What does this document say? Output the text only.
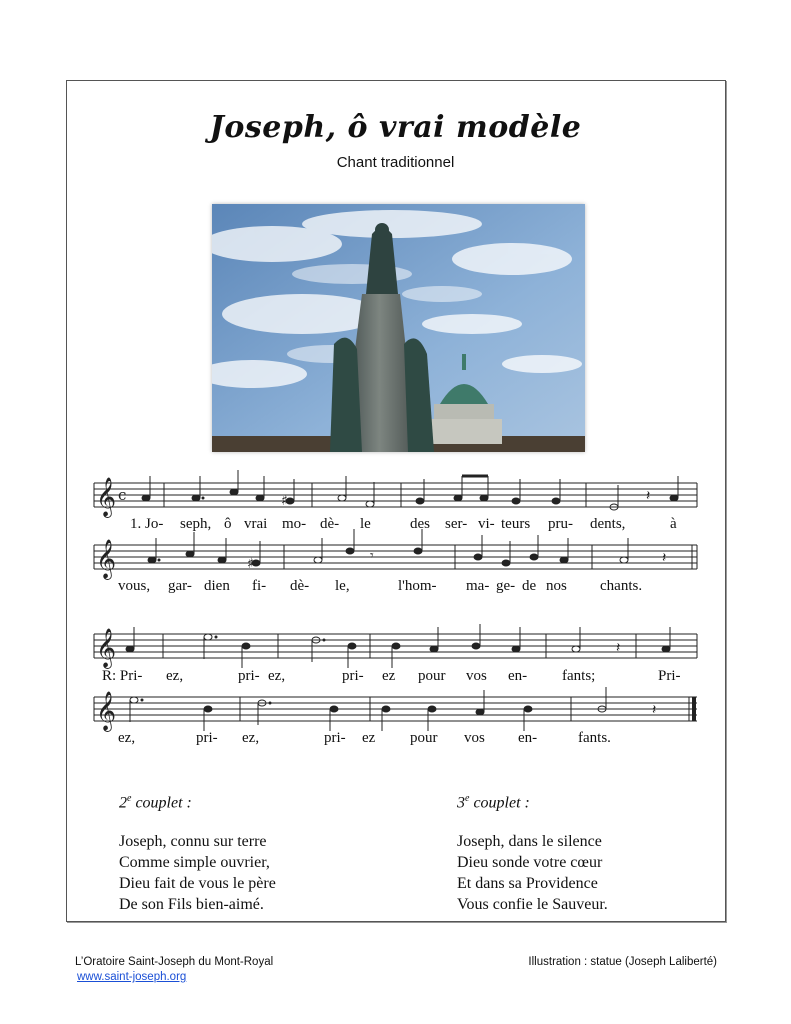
Joseph, ô vrai modèle
Chant traditionnel
𝄞
𝄞
𝄞
𝄞
c	♯	𝄽
♯	𝄾	𝄽
𝄽
𝄽
1. Jo- seph, ô vrai mo- dè- le	des ser- vi- teurs pru- dents,	à
vous, gar- dien fi- dè- le,	l'hom- ma- ge- de nos chants.
R: Pri- ez,	pri- ez,	pri- ez pour vos en- fants;	Pri-
ez,	pri- ez,	pri- ez pour vos en-	fants.
2e couplet :
Joseph, connu sur terre
Comme simple ouvrier,
Dieu fait de vous le père
De son Fils bien-aimé.
3e couplet :
Joseph, dans le silence
Dieu sonde votre cœur
Et dans sa Providence
Vous confie le Sauveur.
L’Oratoire Saint-Joseph du Mont-Royal
www.saint-joseph.org
Illustration : statue (Joseph Laliberté)
